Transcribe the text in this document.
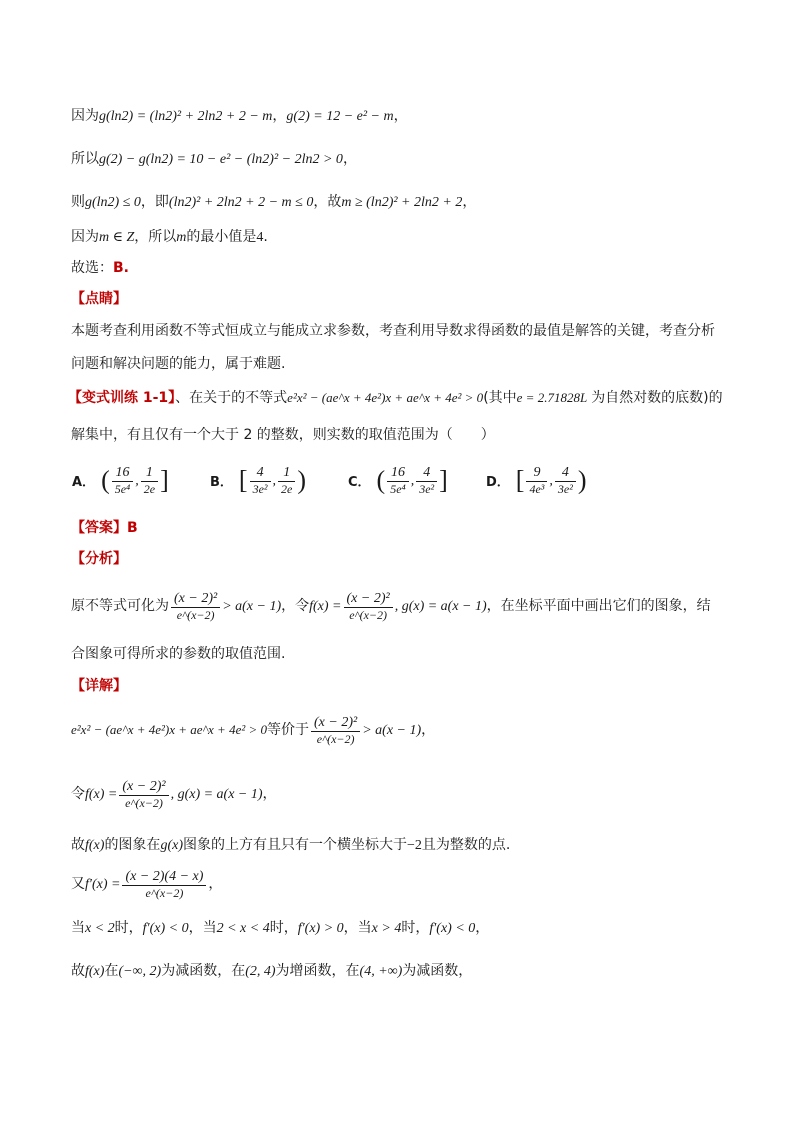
因为g(ln2) = (ln2)² + 2ln2 + 2 − m，g(2) = 12 − e² − m，
所以g(2) − g(ln2) = 10 − e² − (ln2)² − 2ln2 > 0，
则g(ln2) ≤ 0，即(ln2)² + 2ln2 + 2 − m ≤ 0，故m ≥ (ln2)² + 2ln2 + 2，
因为m ∈ Z，所以m的最小值是4.
故选：B.
【点睛】
本题考查利用函数不等式恒成立与能成立求参数，考查利用导数求得函数的最值是解答的关键，考查分析
问题和解决问题的能力，属于难题.
【变式训练 1-1】、在关于的不等式e²x² − (ae^x + 4e²)x + ae^x + 4e² > 0(其中e = 2.71828L 为自然对数的底数)的
解集中，有且仅有一个大于 2 的整数，则实数的取值范围为（　　）
A． ( $\frac{16}{\text{5e⁴}}$ , $\frac{1}{2e}$ ]	B． [ $\frac{4}{\text{3e²}}$ , $\frac{1}{2e}$ )	C． ( $\frac{16}{\text{5e⁴}}$ , $\frac{4}{\text{3e²}}$ ]	D． [ $\frac{9}{\text{4e³}}$ , $\frac{4}{\text{3e²}}$ )
【答案】B
【分析】
原不等式可化为 $\frac{\text{(x − 2)²}}{e\^{}(x-2)} > a(x - 1)$，令$f(x) = \frac{\text{(x − 2)²}}{e\^{}(x-2)}$ , g(x) = a(x − 1)，在坐标平面中画出它们的图象，结
合图象可得所求的参数的取值范围.
【详解】
e²x² − (ae^x + 4e²)x + ae^x + 4e² > 0等价于 $\frac{\text{(x − 2)²}}{e\^{}(x-2)} > a(x - 1)$，
令$f(x) = \frac{\text{(x − 2)²}}{e\^{}(x-2)}$ , g(x) = a(x − 1)，
故f(x)的图象在g(x)图象的上方有且只有一个横坐标大于−2且为整数的点.
又$f'(x) = \frac{(x - 2)(4 - x)}{e\^{}(x-2)}$ ，
当x < 2时，f′(x) < 0，当2 < x < 4时，f′(x) > 0，当x > 4时，f′(x) < 0，
故f(x)在(−∞, 2)为减函数，在(2, 4)为增函数，在(4, +∞)为减函数，
